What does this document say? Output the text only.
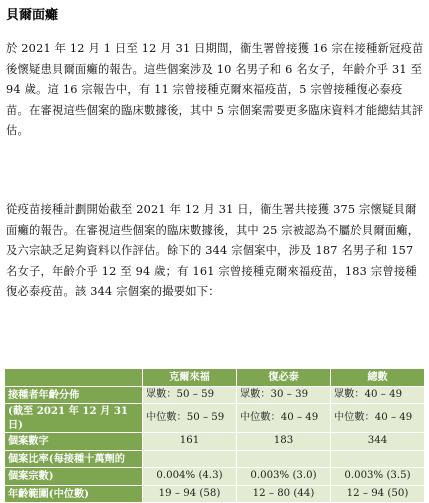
貝爾面癱

於 2021 年 12 月 1 日至 12 月 31 日期間，衞生署曾接獲 16 宗在接種新冠疫苗後懷疑患貝爾面癱的報告。這些個案涉及 10 名男子和 6 名女子，年齡介乎 31 至 94 歲。這 16 宗報告中，有 11 宗曾接種克爾來福疫苗，5 宗曾接種復必泰疫苗。在審視這些個案的臨床數據後，其中 5 宗個案需要更多臨床資料才能總結其評估。

從疫苗接種計劃開始截至 2021 年 12 月 31 日，衞生署共接獲 375 宗懷疑貝爾面癱的報告。在審視這些個案的臨床數據後，其中 25 宗被認為不屬於貝爾面癱，及六宗缺乏足夠資料以作評估。餘下的 344 宗個案中，涉及 187 名男子和 157 名女子，年齡介乎 12 至 94 歲；有 161 宗曾接種克爾來福疫苗，183 宗曾接種復必泰疫苗。該 344 宗個案的撮要如下：

	克爾來福	復必泰	總數
接種者年齡分佈	眾數：50 – 59	眾數：30 – 39	眾數：40 – 49
(截至 2021 年 12 月 31 日)	中位數：50 – 59	中位數：40 – 49	中位數：40 – 49
個案數字	161	183	344
個案比率(每接種十萬劑的			
個案宗數)	0.004% (4.3)	0.003% (3.0)	0.003% (3.5)
年齡範圍(中位數)	19 – 94 (58)	12 – 80 (44)	12 – 94 (50)
